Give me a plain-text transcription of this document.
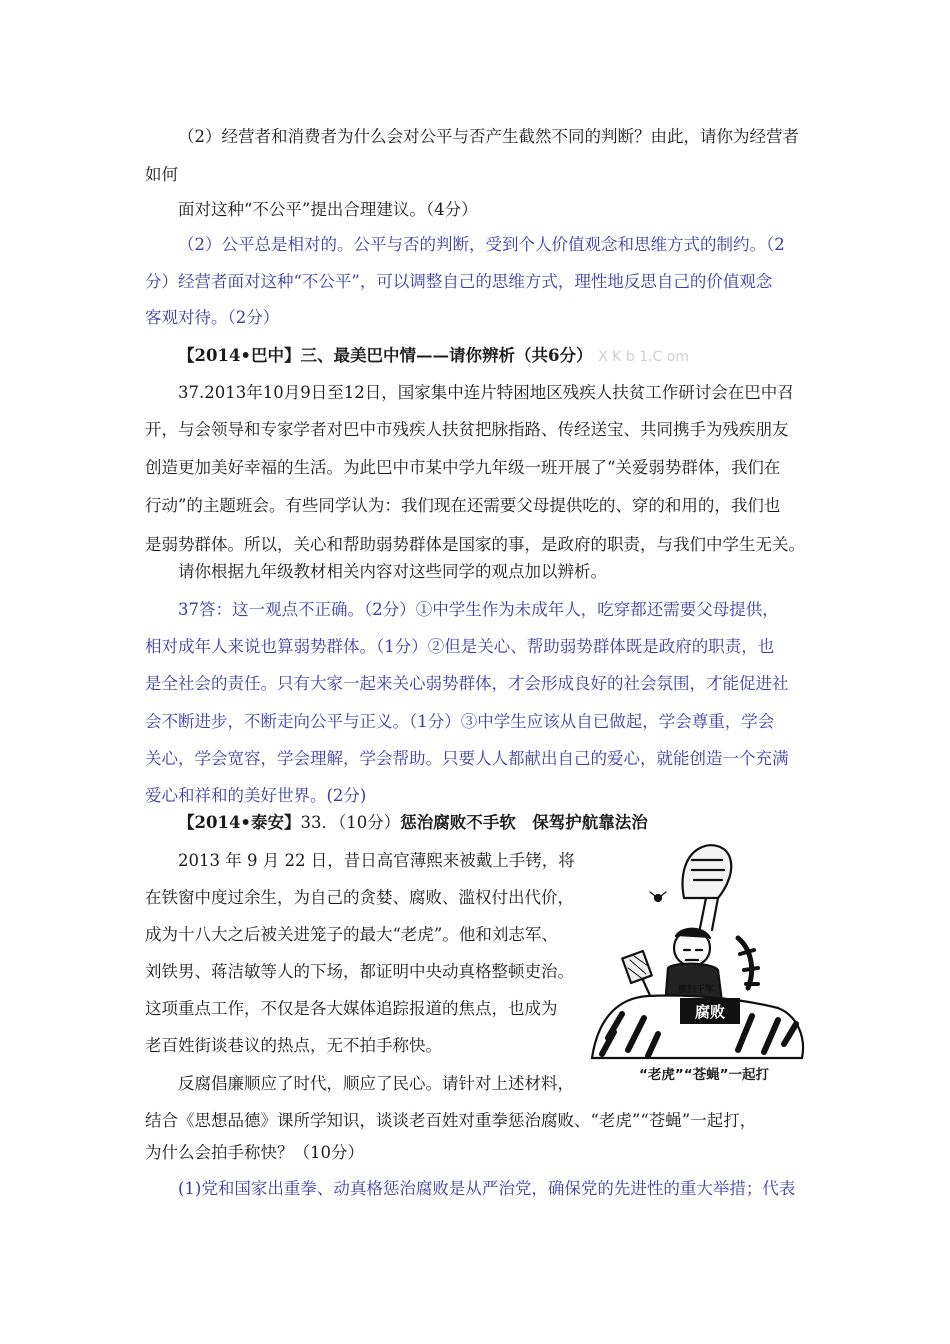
（2）经营者和消费者为什么会对公平与否产生截然不同的判断？由此，请你为经营者
如何
面对这种“不公平”提出合理建议。（4分）
（2）公平总是相对的。公平与否的判断，受到个人价值观念和思维方式的制约。（2
分）经营者面对这种“不公平”，可以调整自己的思维方式，理性地反思自己的价值观念
客观对待。（2分）
是弱势群体。所以，关心和帮助弱势群体是国家的事，是政府的职责，与我们中学生无关。
开，与会领导和专家学者对巴中市残疾人扶贫把脉指路、传经送宝、共同携手为残疾朋友
创造更加美好幸福的生活。为此巴中市某中学九年级一班开展了“关爱弱势群体，我们在
行动”的主题班会。有些同学认为：我们现在还需要父母提供吃的、穿的和用的，我们也
37.2013年10月9日至12日，国家集中连片特困地区残疾人扶贫工作研讨会在巴中召
请你根据九年级教材相关内容对这些同学的观点加以辨析。
37答：这一观点不正确。（2分）①中学生作为未成年人，吃穿都还需要父母提供，
相对成年人来说也算弱势群体。（1分）②但是关心、帮助弱势群体既是政府的职责，也
是全社会的责任。只有大家一起来关心弱势群体，才会形成良好的社会氛围，才能促进社
会不断进步，不断走向公平与正义。（1分）③中学生应该从自已做起，学会尊重，学会
关心，学会宽容，学会理解，学会帮助。只要人人都献出自己的爱心，就能创造一个充满
爱心和祥和的美好世界。(2分)
2013 年 9 月 22 日，昔日高官薄熙来被戴上手铐，将
在铁窗中度过余生，为自己的贪婪、腐败、滥权付出代价，
成为十八大之后被关进笼子的最大“老虎”。他和刘志军、
刘铁男、蒋洁敏等人的下场，都证明中央动真格整顿吏治。
这项重点工作，不仅是各大媒体追踪报道的焦点，也成为
老百姓街谈巷议的热点，无不拍手称快。
反腐倡廉顺应了时代，顺应了民心。请针对上述材料，
结合《思想品德》课所学知识，谈谈老百姓对重拳惩治腐败、“老虎”“苍蝇”一起打，
为什么会拍手称快？（10分）
(1)党和国家出重拳、动真格惩治腐败是从严治党，确保党的先进性的重大举措；代表
【2014•巴中】三、最美巴中情——请你辨析（共6分） X K b 1.C om
【2014•泰安】33．（10分）惩治腐败不手软　保驾护航靠法治
腐败
横扫千军
“老虎”“苍蝇”一起打
